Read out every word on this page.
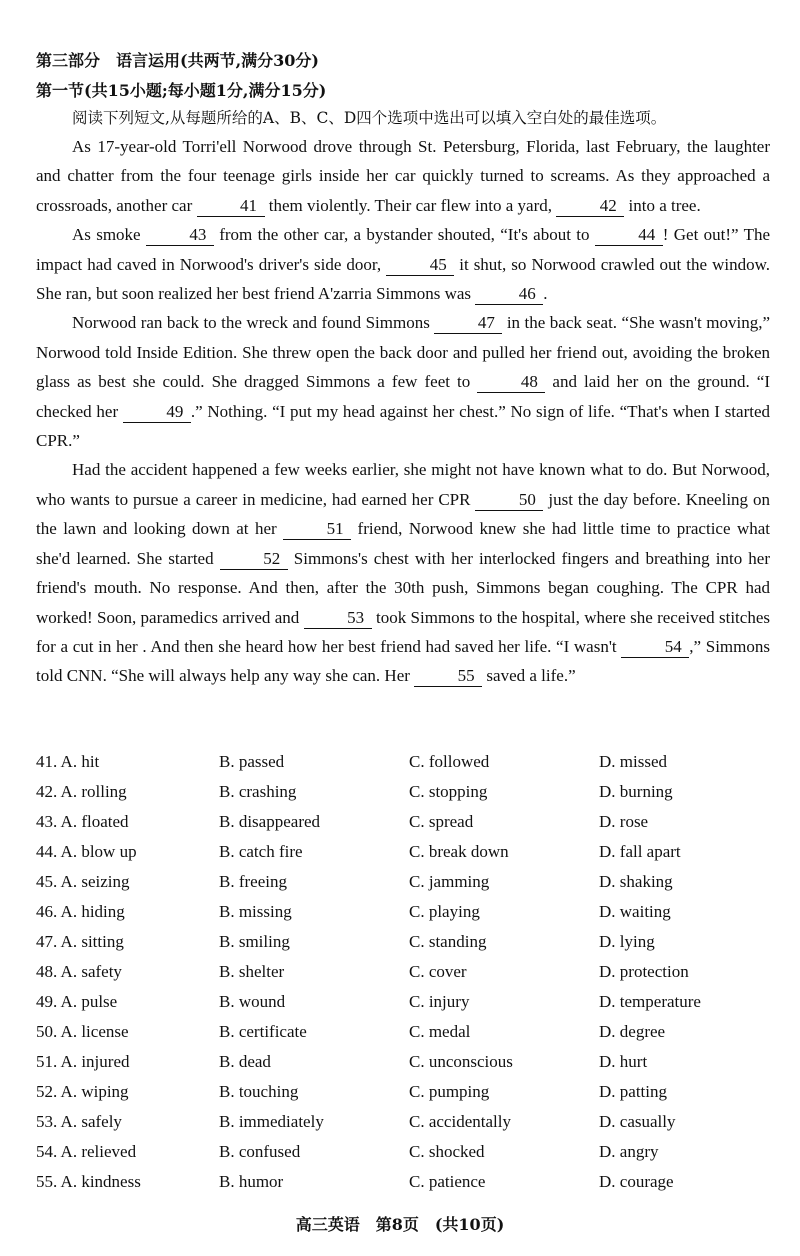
第三部分　语言运用(共两节,满分30分)
第一节(共15小题;每小题1分,满分15分)
阅读下列短文,从每题所给的A、B、C、D四个选项中选出可以填入空白处的最佳选项。

As 17-year-old Torri'ell Norwood drove through St. Petersburg, Florida, last February, the laughter and chatter from the four teenage girls inside her car quickly turned to screams. As they approached a crossroads, another car	41 them violently. Their car flew into a yard,	42 into a tree.

As smoke	43 from the other car, a bystander shouted, “It's about to	44 ! Get out!” The impact had caved in Norwood's driver's side door,	45 it shut, so Norwood crawled out the window. She ran, but soon realized her best friend A'zarria Simmons was	46 .

Norwood ran back to the wreck and found Simmons	47 in the back seat. “She wasn't moving,” Norwood told Inside Edition. She threw open the back door and pulled her friend out, avoiding the broken glass as best she could. She dragged Simmons a few feet to	48 and laid her on the ground. “I checked her	49 .” Nothing. “I put my head against her chest.” No sign of life. “That's when I started CPR.”

Had the accident happened a few weeks earlier, she might not have known what to do. But Norwood, who wants to pursue a career in medicine, had earned her CPR	50 just the day before. Kneeling on the lawn and looking down at her	51 friend, Norwood knew she had little time to practice what she'd learned. She started	52 Simmons's chest with her interlocked fingers and breathing into her friend's mouth. No response. And then, after the 30th push, Simmons began coughing. The CPR had worked! Soon, paramedics arrived and	53 took Simmons to the hospital, where she received stitches for a cut in her . And then she heard how her best friend had saved her life. “I wasn't	54 ,” Simmons told CNN. “She will always help any way she can. Her	55 saved a life.”

41. A. hit	B. passed	C. followed	D. missed
42. A. rolling	B. crashing	C. stopping	D. burning
43. A. floated	B. disappeared	C. spread	D. rose
44. A. blow up	B. catch fire	C. break down	D. fall apart
45. A. seizing	B. freeing	C. jamming	D. shaking
46. A. hiding	B. missing	C. playing	D. waiting
47. A. sitting	B. smiling	C. standing	D. lying
48. A. safety	B. shelter	C. cover	D. protection
49. A. pulse	B. wound	C. injury	D. temperature
50. A. license	B. certificate	C. medal	D. degree
51. A. injured	B. dead	C. unconscious	D. hurt
52. A. wiping	B. touching	C. pumping	D. patting
53. A. safely	B. immediately	C. accidentally	D. casually
54. A. relieved	B. confused	C. shocked	D. angry
55. A. kindness	B. humor	C. patience	D. courage
高三英语　第8页　(共10页)
